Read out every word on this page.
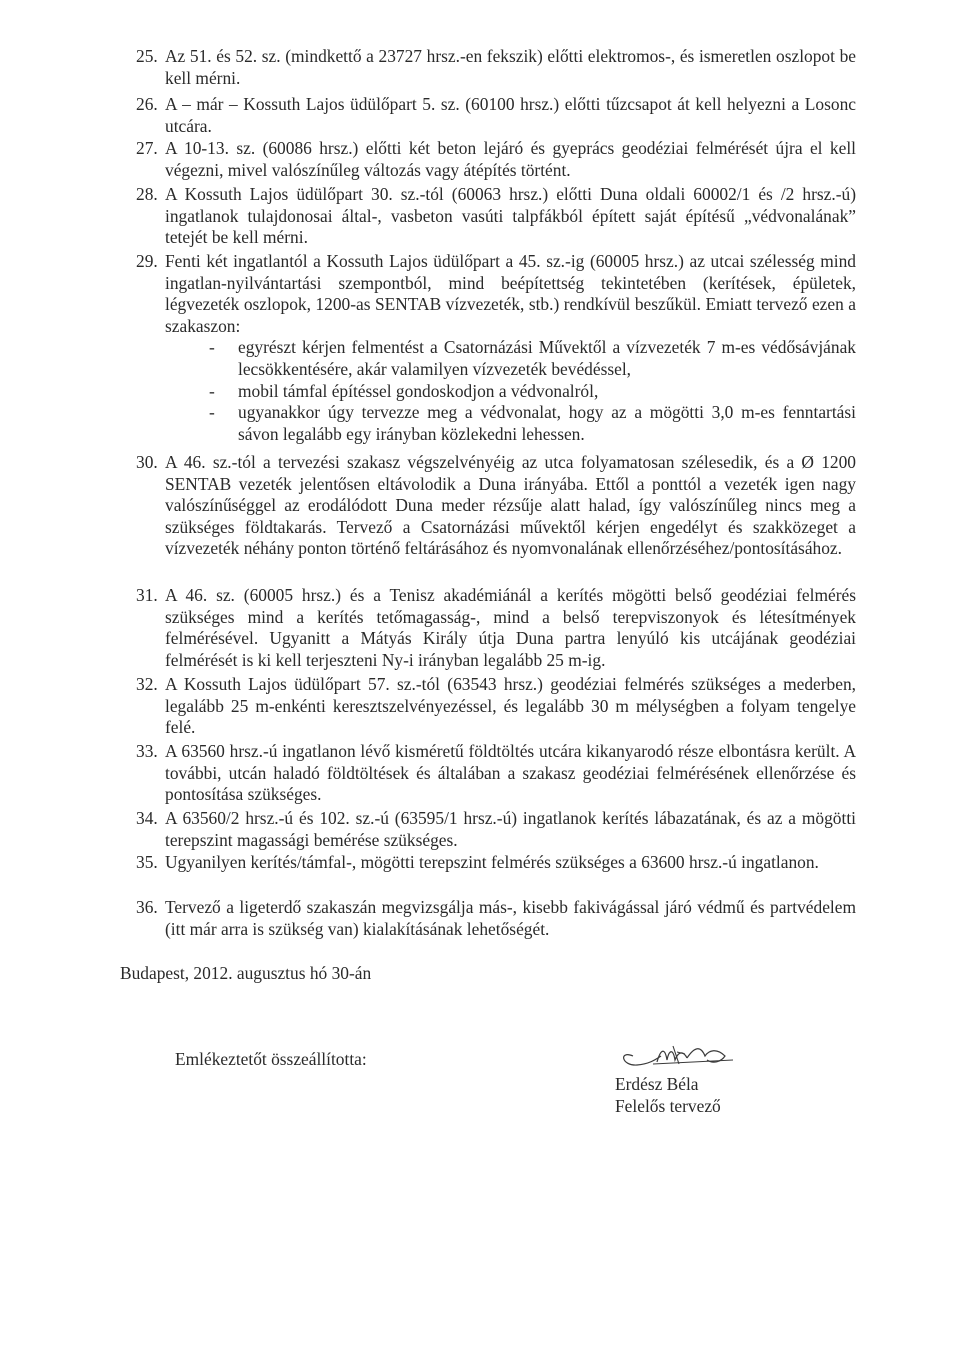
25. Az 51. és 52. sz. (mindkettő a 23727 hrsz.-en fekszik) előtti elektromos-, és ismeretlen oszlopot be kell mérni.
26. A – már – Kossuth Lajos üdülőpart 5. sz. (60100 hrsz.) előtti tűzcsapot át kell helyezni a Losonc utcára.
27. A 10-13. sz. (60086 hrsz.) előtti két beton lejáró és gyeprács geodéziai felmérését újra el kell végezni, mivel valószínűleg változás vagy átépítés történt.
28. A Kossuth Lajos üdülőpart 30. sz.-tól (60063 hrsz.) előtti Duna oldali 60002/1 és /2 hrsz.-ú) ingatlanok tulajdonosai által-, vasbeton vasúti talpfákból épített saját építésű „védvonalának” tetejét be kell mérni.
29. Fenti két ingatlantól a Kossuth Lajos üdülőpart a 45. sz.-ig (60005 hrsz.) az utcai szélesség mind ingatlan-nyilvántartási szempontból, mind beépítettség tekintetében (kerítések, épületek, légvezeték oszlopok, 1200-as SENTAB vízvezeték, stb.) rendkívül beszűkül. Emiatt tervező ezen a szakaszon:
- egyrészt kérjen felmentést a Csatornázási Művektől a vízvezeték 7 m-es védősávjának lecsökkentésére, akár valamilyen vízvezeték bevédéssel,
- mobil támfal építéssel gondoskodjon a védvonalról,
- ugyanakkor úgy tervezze meg a védvonalat, hogy az a mögötti 3,0 m-es fenntartási sávon legalább egy irányban közlekedni lehessen.
30. A 46. sz.-tól a tervezési szakasz végszelvényéig az utca folyamatosan szélesedik, és a Ø 1200 SENTAB vezeték jelentősen eltávolodik a Duna irányába. Ettől a ponttól a vezeték igen nagy valószínűséggel az erodálódott Duna meder rézsűje alatt halad, így valószínűleg nincs meg a szükséges földtakarás. Tervező a Csatornázási művektől kérjen engedélyt és szakközeget a vízvezeték néhány ponton történő feltárásához és nyomvonalának ellenőrzéséhez/pontosításához.
31. A 46. sz. (60005 hrsz.) és a Tenisz akadémiánál a kerítés mögötti belső geodéziai felmérés szükséges mind a kerítés tetőmagasság-, mind a belső terepviszonyok és létesítmények felmérésével. Ugyanitt a Mátyás Király útja Duna partra lenyúló kis utcájának geodéziai felmérését is ki kell terjeszteni Ny-i irányban legalább 25 m-ig.
32. A Kossuth Lajos üdülőpart 57. sz.-tól (63543 hrsz.) geodéziai felmérés szükséges a mederben, legalább 25 m-enkénti keresztszelvényezéssel, és legalább 30 m mélységben a folyam tengelye felé.
33. A 63560 hrsz.-ú ingatlanon lévő kisméretű földtöltés utcára kikanyarodó része elbontásra került. A további, utcán haladó földtöltések és általában a szakasz geodéziai felmérésének ellenőrzése és pontosítása szükséges.
34. A 63560/2 hrsz.-ú és 102. sz.-ú (63595/1 hrsz.-ú) ingatlanok kerítés lábazatának, és az a mögötti terepszint magassági bemérése szükséges.
35. Ugyanilyen kerítés/támfal-, mögötti terepszint felmérés szükséges a 63600 hrsz.-ú ingatlanon.
36. Tervező a ligeterdő szakaszán megvizsgálja más-, kisebb fakivágással járó védmű és partvédelem (itt már arra is szükség van) kialakításának lehetőségét.
Budapest, 2012. augusztus hó 30-án
Emlékeztetőt összeállította:
Erdész Béla
Felelős tervező
